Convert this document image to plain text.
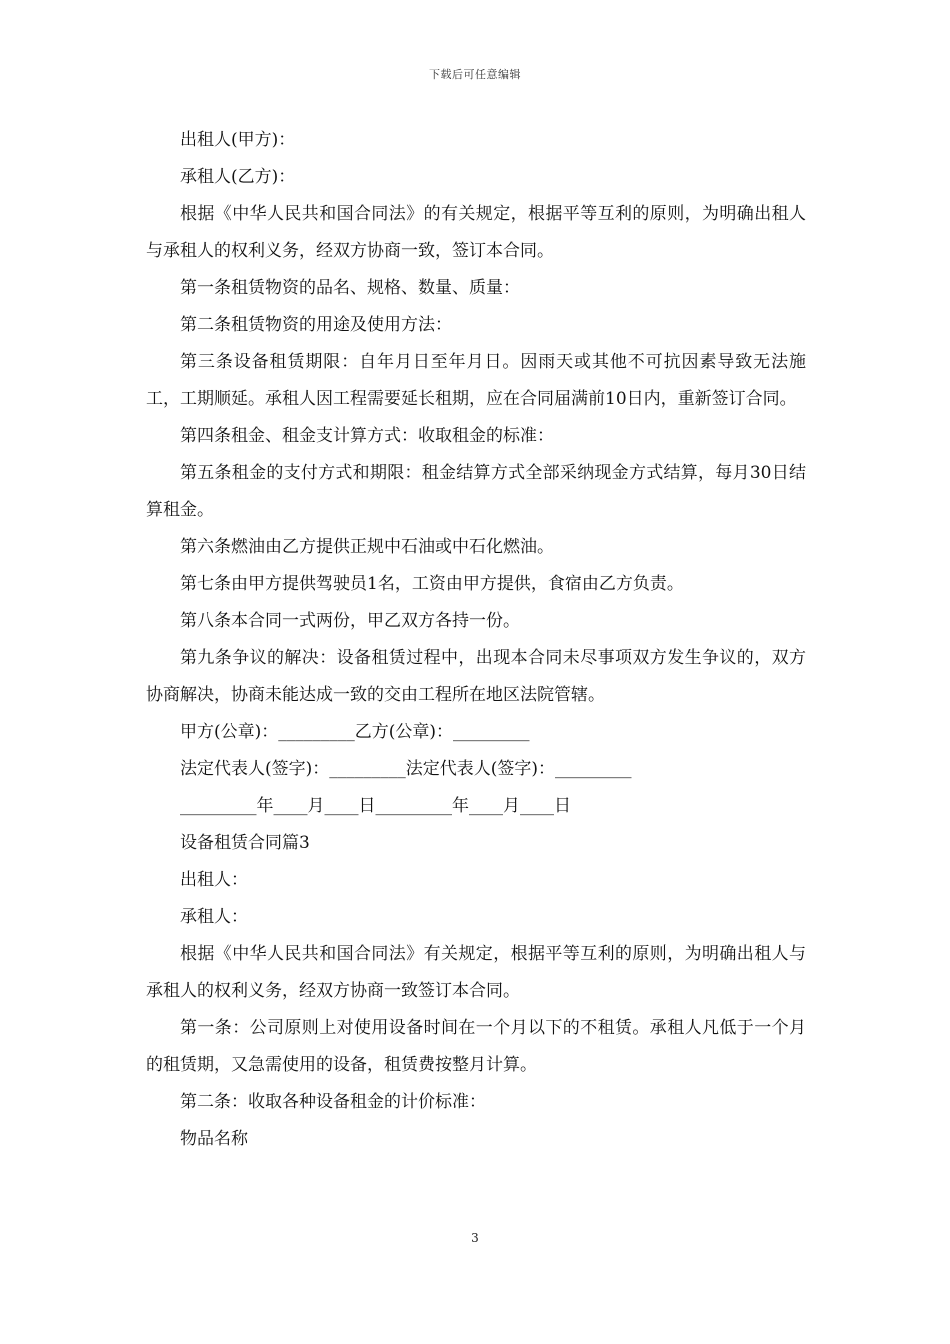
下载后可任意编辑

出租人(甲方)：

承租人(乙方)：

根据《中华人民共和国合同法》的有关规定，根据平等互利的原则，为明确出租人与承租人的权利义务，经双方协商一致，签订本合同。

第一条租赁物资的品名、规格、数量、质量：

第二条租赁物资的用途及使用方法：

第三条设备租赁期限：自年月日至年月日。因雨天或其他不可抗因素导致无法施工，工期顺延。承租人因工程需要延长租期，应在合同届满前10日内，重新签订合同。

第四条租金、租金支计算方式：收取租金的标准：

第五条租金的支付方式和期限：租金结算方式全部采纳现金方式结算，每月30日结算租金。

第六条燃油由乙方提供正规中石油或中石化燃油。

第七条由甲方提供驾驶员1名，工资由甲方提供，食宿由乙方负责。

第八条本合同一式两份，甲乙双方各持一份。

第九条争议的解决：设备租赁过程中，出现本合同未尽事项双方发生争议的，双方协商解决，协商未能达成一致的交由工程所在地区法院管辖。

甲方(公章)：_________乙方(公章)：_________

法定代表人(签字)：_________法定代表人(签字)：_________

_________年____月____日_________年____月____日

设备租赁合同篇3

出租人：

承租人：

根据《中华人民共和国合同法》有关规定，根据平等互利的原则，为明确出租人与承租人的权利义务，经双方协商一致签订本合同。

第一条：公司原则上对使用设备时间在一个月以下的不租赁。承租人凡低于一个月的租赁期，又急需使用的设备，租赁费按整月计算。

第二条：收取各种设备租金的计价标准：

物品名称

3
